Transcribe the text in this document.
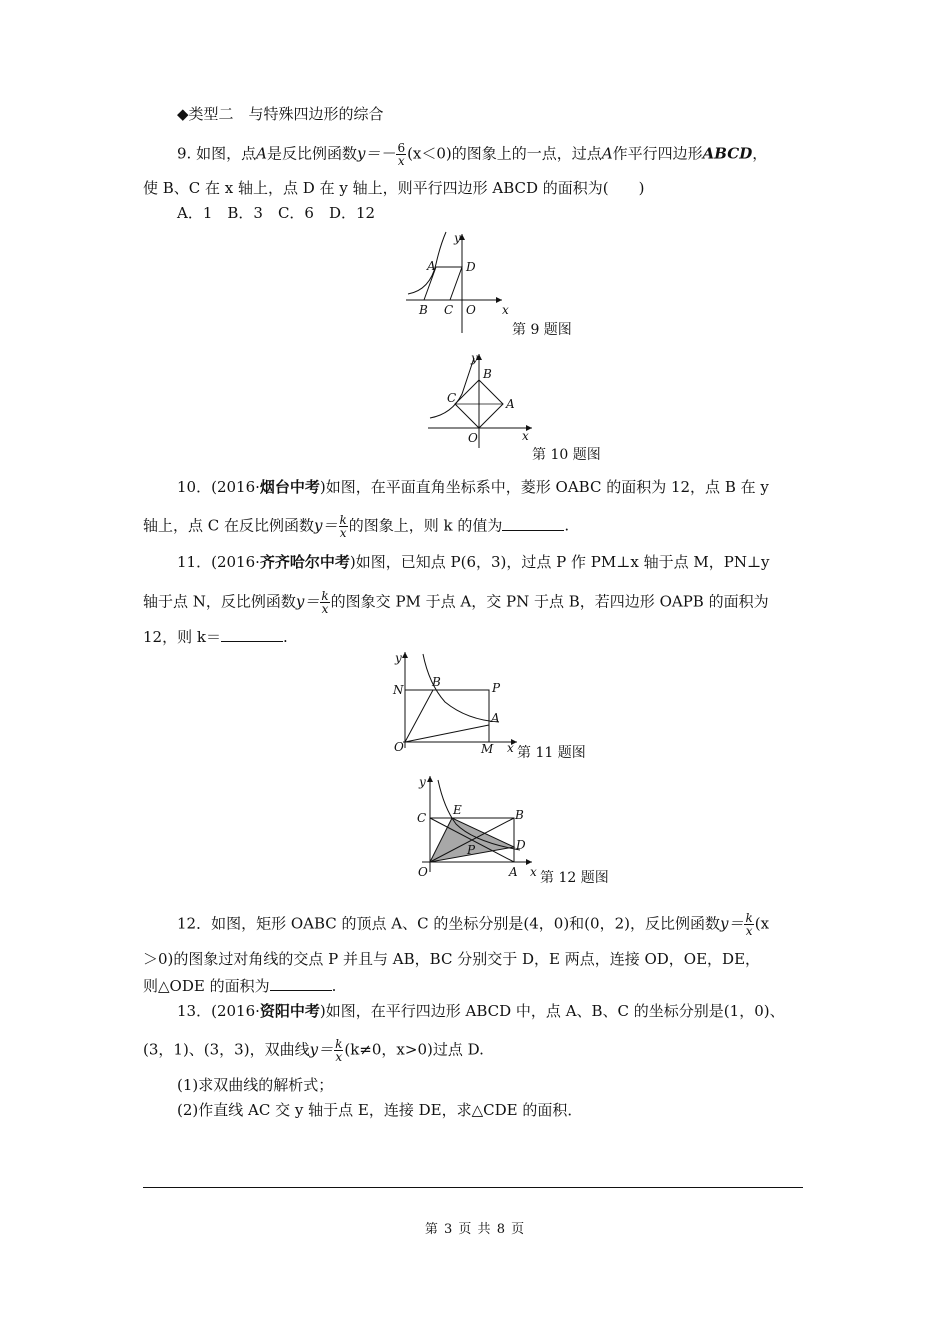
◆类型二　与特殊四边形的综合
9. 如图，点A是反比例函数$y=- \frac{6}{x} (x<0)$的图象上的一点，过点A作平行四边形ABCD，
使 B、C 在 x 轴上，点 D 在 y 轴上，则平行四边形 ABCD 的面积为(　　)
A．1　B．3　C．6　D．12
y
A	D
B C O x
第 9 题图
y
B
C	A
O	x
第 10 题图
10．(2016·烟台中考)如图，在平面直角坐标系中，菱形 OABC 的面积为 12，点 B 在 y
轴上，点 C 在反比例函数$y= \frac{k}{x}$ 的图象上，则 k 的值为	.
11．(2016·齐齐哈尔中考)如图，已知点 P(6，3)，过点 P 作 PM⊥x 轴于点 M，PN⊥y
轴于点 N，反比例函数$y= \frac{k}{x}$ 的图象交 PM 于点 A，交 PN 于点 B，若四边形 OAPB 的面积为
12，则 k＝	.
y
N
B	P
A
O	M x 第 11 题图
y
C
E	B
D
P
O	A x 第 12 题图
12．如图，矩形 OABC 的顶点 A、C 的坐标分别是(4，0)和(0，2)，反比例函数$y= \frac{k}{x} (x$
＞0)的图象过对角线的交点 P 并且与 AB，BC 分别交于 D，E 两点，连接 OD，OE，DE，
则△ODE 的面积为	.
13．(2016·资阳中考)如图，在平行四边形 ABCD 中，点 A、B、C 的坐标分别是(1，0)、
(3，1)、(3，3)，双曲线$y= \frac{k}{x} (k\ne 0$，x>0)过点 D.
(1)求双曲线的解析式；
(2)作直线 AC 交 y 轴于点 E，连接 DE，求△CDE 的面积．
第 3 页 共 8 页
